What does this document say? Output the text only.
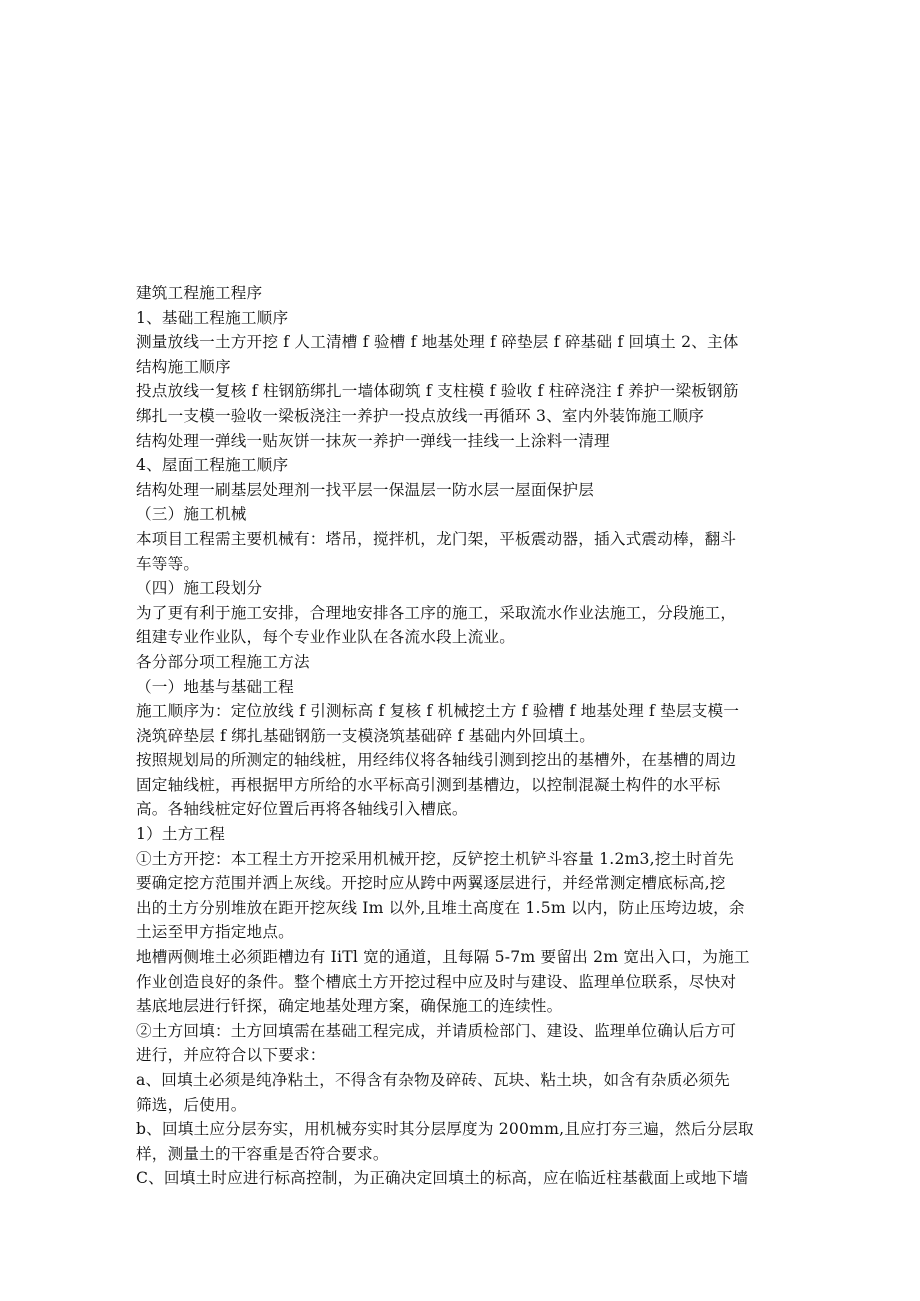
建筑工程施工程序
1、基础工程施工顺序
测量放线一土方开挖 f 人工清槽 f 验槽 f 地基处理 f 碎垫层 f 碎基础 f 回填土 2、主体
结构施工顺序
投点放线一复核 f 柱钢筋绑扎一墙体砌筑 f 支柱模 f 验收 f 柱碎浇注 f 养护一梁板钢筋
绑扎一支模一验收一梁板浇注一养护一投点放线一再循环 3、室内外装饰施工顺序
结构处理一弹线一贴灰饼一抹灰一养护一弹线一挂线一上涂料一清理
4、屋面工程施工顺序
结构处理一刷基层处理剂一找平层一保温层一防水层一屋面保护层
（三）施工机械
本项目工程需主要机械有：塔吊，搅拌机，龙门架，平板震动器，插入式震动棒，翻斗
车等等。
（四）施工段划分
为了更有利于施工安排，合理地安排各工序的施工，采取流水作业法施工，分段施工，
组建专业作业队，每个专业作业队在各流水段上流业。
各分部分项工程施工方法
（一）地基与基础工程
施工顺序为：定位放线 f 引测标高 f 复核 f 机械挖土方 f 验槽 f 地基处理 f 垫层支模一
浇筑碎垫层 f 绑扎基础钢筋一支模浇筑基础碎 f 基础内外回填土。
按照规划局的所测定的轴线桩，用经纬仪将各轴线引测到挖出的基槽外，在基槽的周边
固定轴线桩，再根据甲方所给的水平标高引测到基槽边，以控制混凝土构件的水平标
高。各轴线桩定好位置后再将各轴线引入槽底。
1）土方工程
①土方开挖：本工程土方开挖采用机械开挖，反铲挖土机铲斗容量 1.2m3,挖土时首先
要确定挖方范围并洒上灰线。开挖时应从跨中两翼逐层进行，并经常测定槽底标高,挖
出的土方分别堆放在距开挖灰线 Im 以外,且堆土高度在 1.5m 以内，防止压垮边坡，余
土运至甲方指定地点。
地槽两侧堆土必须距槽边有 IiTl 宽的通道，且每隔 5-7m 要留出 2m 宽出入口，为施工
作业创造良好的条件。整个槽底土方开挖过程中应及时与建设、监理单位联系，尽快对
基底地层进行钎探，确定地基处理方案，确保施工的连续性。
②土方回填：土方回填需在基础工程完成，并请质检部门、建设、监理单位确认后方可
进行，并应符合以下要求：
a、回填土必须是纯净粘土，不得含有杂物及碎砖、瓦块、粘土块，如含有杂质必须先
筛选，后使用。
b、回填土应分层夯实，用机械夯实时其分层厚度为 200mm,且应打夯三遍，然后分层取
样，测量土的干容重是否符合要求。
C、回填土时应进行标高控制，为正确决定回填土的标高，应在临近柱基截面上或地下墙
